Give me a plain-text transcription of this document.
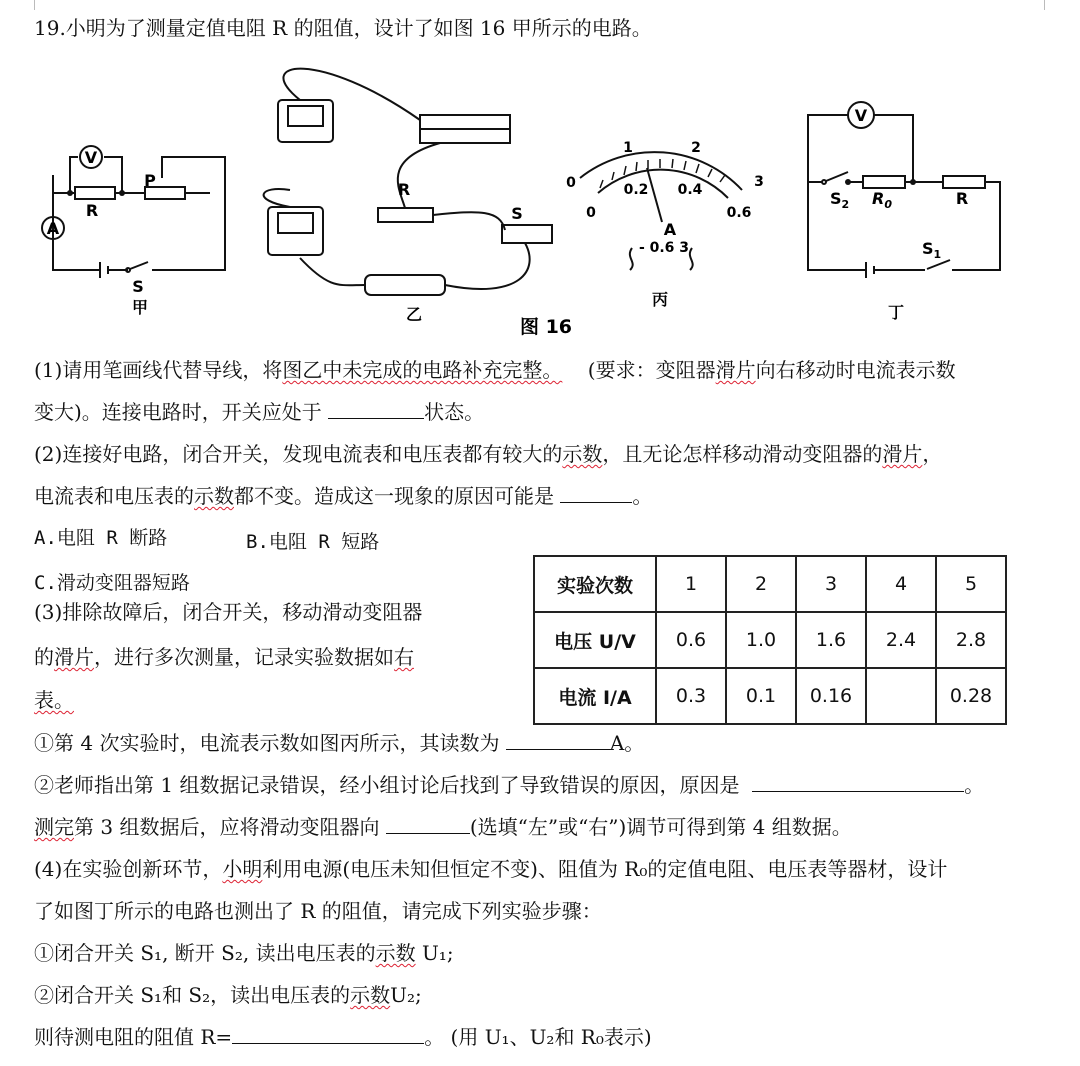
19.小明为了测量定值电阻 R 的阻值，设计了如图 16 甲所示的电路。
V
A
R
P
S
甲
R
S
乙
丙
A
- 0.6 3
0
1	2
3
0
0.2 0.4
0.6
V
R
丁
图 16
$S_2$ $R_0$
$S_1$
(1)请用笔画线代替导线，将图乙中未完成的电路补充完整。 (要求：变阻器滑片向右移动时电流表示数
变大)。连接电路时，开关应处于	状态。
(2)连接好电路，闭合开关，发现电流表和电压表都有较大的示数，且无论怎样移动滑动变阻器的滑片，
电流表和电压表的示数都不变。造成这一现象的原因可能是	。
A.电阻 R 断路	B.电阻 R 短路
C.滑动变阻器短路
(3)排除故障后，闭合开关，移动滑动变阻器
的滑片，进行多次测量，记录实验数据如右
表。
实验次数	1	2	3	4	5
电压 U/V	0.6	1.0	1.6	2.4	2.8
电流 I/A	0.3	0.1	0.16		0.28
①第 4 次实验时，电流表示数如图丙所示，其读数为	A。
②老师指出第 1 组数据记录错误，经小组讨论后找到了导致错误的原因，原因是	。
测完第 3 组数据后，应将滑动变阻器向	(选填“左”或“右”)调节可得到第 4 组数据。
(4)在实验创新环节，小明利用电源(电压未知但恒定不变)、阻值为 R₀的定值电阻、电压表等器材，设计
了如图丁所示的电路也测出了 R 的阻值，请完成下列实验步骤：
①闭合开关 S₁, 断开 S₂, 读出电压表的示数 U₁;
②闭合开关 S₁和 S₂，读出电压表的示数U₂;
则待测电阻的阻值 R=	。 (用 U₁、U₂和 R₀表示)
